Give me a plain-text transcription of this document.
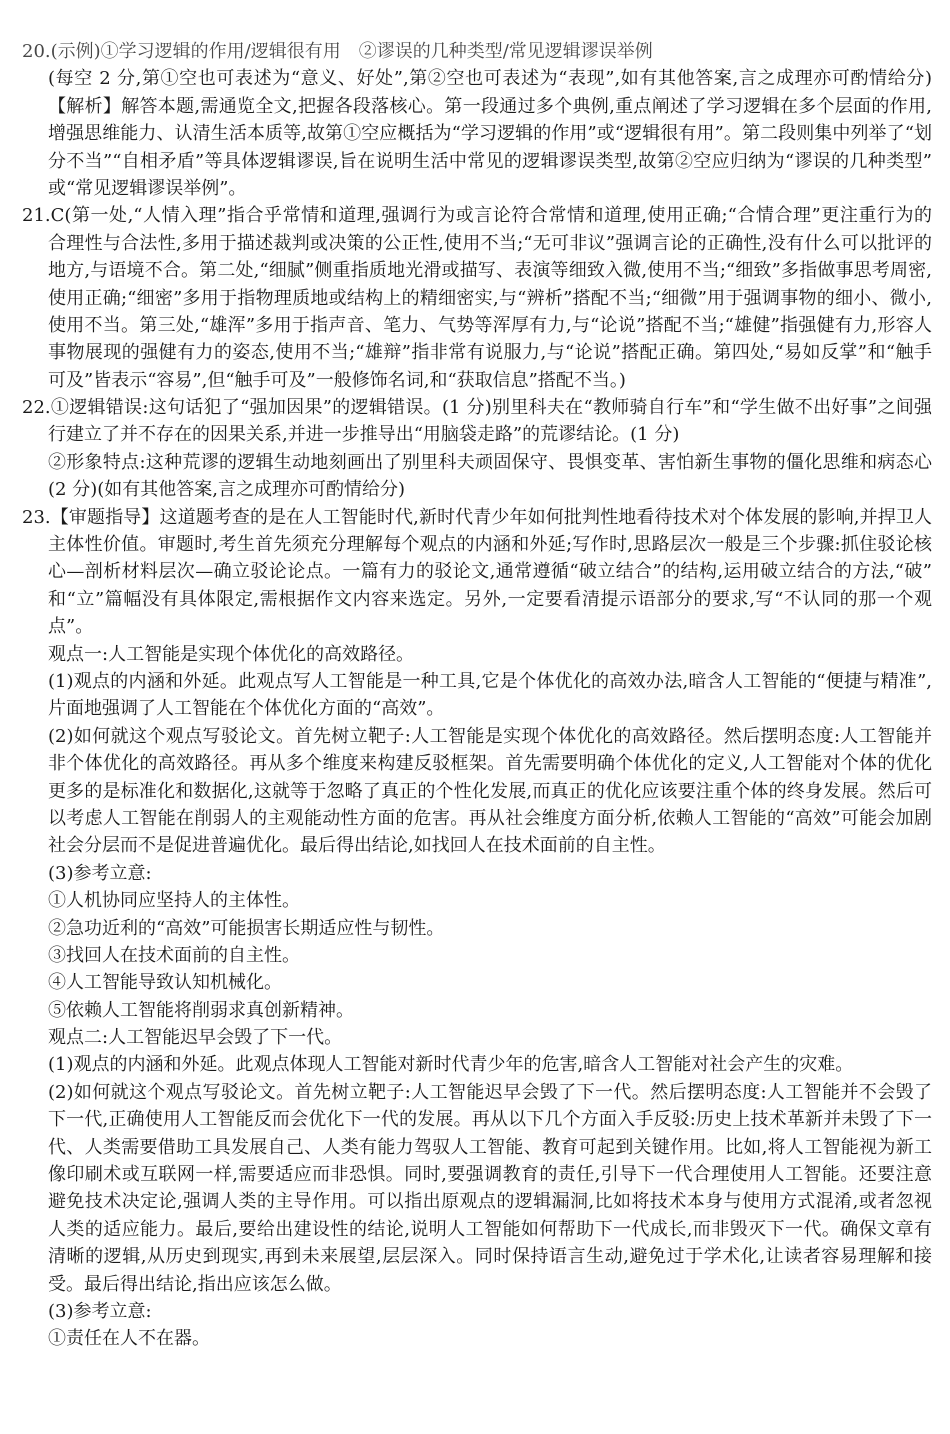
20.(示例)①学习逻辑的作用/逻辑很有用　②谬误的几种类型/常见逻辑谬误举例
(每空 2 分,第①空也可表述为“意义、好处”,第②空也可表述为“表现”,如有其他答案,言之成理亦可酌情给分)
【解析】解答本题,需通览全文,把握各段落核心。第一段通过多个典例,重点阐述了学习逻辑在多个层面的作用,
增强思维能力、认清生活本质等,故第①空应概括为“学习逻辑的作用”或“逻辑很有用”。第二段则集中列举了“划
分不当”“自相矛盾”等具体逻辑谬误,旨在说明生活中常见的逻辑谬误类型,故第②空应归纳为“谬误的几种类型”
或“常见逻辑谬误举例”。
21.C(第一处,“人情入理”指合乎常情和道理,强调行为或言论符合常情和道理,使用正确;“合情合理”更注重行为的
合理性与合法性,多用于描述裁判或决策的公正性,使用不当;“无可非议”强调言论的正确性,没有什么可以批评的
地方,与语境不合。第二处,“细腻”侧重指质地光滑或描写、表演等细致入微,使用不当;“细致”多指做事思考周密,
使用正确;“细密”多用于指物理质地或结构上的精细密实,与“辨析”搭配不当;“细微”用于强调事物的细小、微小,
使用不当。第三处,“雄浑”多用于指声音、笔力、气势等浑厚有力,与“论说”搭配不当;“雄健”指强健有力,形容人
事物展现的强健有力的姿态,使用不当;“雄辩”指非常有说服力,与“论说”搭配正确。第四处,“易如反掌”和“触手
可及”皆表示“容易”,但“触手可及”一般修饰名词,和“获取信息”搭配不当。)
22.①逻辑错误:这句话犯了“强加因果”的逻辑错误。(1 分)别里科夫在“教师骑自行车”和“学生做不出好事”之间强
行建立了并不存在的因果关系,并进一步推导出“用脑袋走路”的荒谬结论。(1 分)
②形象特点:这种荒谬的逻辑生动地刻画出了别里科夫顽固保守、畏惧变革、害怕新生事物的僵化思维和病态心
(2 分)(如有其他答案,言之成理亦可酌情给分)
23.【审题指导】这道题考查的是在人工智能时代,新时代青少年如何批判性地看待技术对个体发展的影响,并捍卫人
主体性价值。审题时,考生首先须充分理解每个观点的内涵和外延;写作时,思路层次一般是三个步骤:抓住驳论核
心—剖析材料层次—确立驳论论点。一篇有力的驳论文,通常遵循“破立结合”的结构,运用破立结合的方法,“破”
和“立”篇幅没有具体限定,需根据作文内容来选定。另外,一定要看清提示语部分的要求,写“不认同的那一个观
点”。
观点一:人工智能是实现个体优化的高效路径。
(1)观点的内涵和外延。此观点写人工智能是一种工具,它是个体优化的高效办法,暗含人工智能的“便捷与精准”,
片面地强调了人工智能在个体优化方面的“高效”。
(2)如何就这个观点写驳论文。首先树立靶子:人工智能是实现个体优化的高效路径。然后摆明态度:人工智能并
非个体优化的高效路径。再从多个维度来构建反驳框架。首先需要明确个体优化的定义,人工智能对个体的优化
更多的是标准化和数据化,这就等于忽略了真正的个性化发展,而真正的优化应该要注重个体的终身发展。然后可
以考虑人工智能在削弱人的主观能动性方面的危害。再从社会维度方面分析,依赖人工智能的“高效”可能会加剧
社会分层而不是促进普遍优化。最后得出结论,如找回人在技术面前的自主性。
(3)参考立意:
①人机协同应坚持人的主体性。
②急功近利的“高效”可能损害长期适应性与韧性。
③找回人在技术面前的自主性。
④人工智能导致认知机械化。
⑤依赖人工智能将削弱求真创新精神。
观点二:人工智能迟早会毁了下一代。
(1)观点的内涵和外延。此观点体现人工智能对新时代青少年的危害,暗含人工智能对社会产生的灾难。
(2)如何就这个观点写驳论文。首先树立靶子:人工智能迟早会毁了下一代。然后摆明态度:人工智能并不会毁了
下一代,正确使用人工智能反而会优化下一代的发展。再从以下几个方面入手反驳:历史上技术革新并未毁了下一
代、人类需要借助工具发展自己、人类有能力驾驭人工智能、教育可起到关键作用。比如,将人工智能视为新工
像印刷术或互联网一样,需要适应而非恐惧。同时,要强调教育的责任,引导下一代合理使用人工智能。还要注意
避免技术决定论,强调人类的主导作用。可以指出原观点的逻辑漏洞,比如将技术本身与使用方式混淆,或者忽视
人类的适应能力。最后,要给出建设性的结论,说明人工智能如何帮助下一代成长,而非毁灭下一代。确保文章有
清晰的逻辑,从历史到现实,再到未来展望,层层深入。同时保持语言生动,避免过于学术化,让读者容易理解和接
受。最后得出结论,指出应该怎么做。
(3)参考立意:
①责任在人不在器。
